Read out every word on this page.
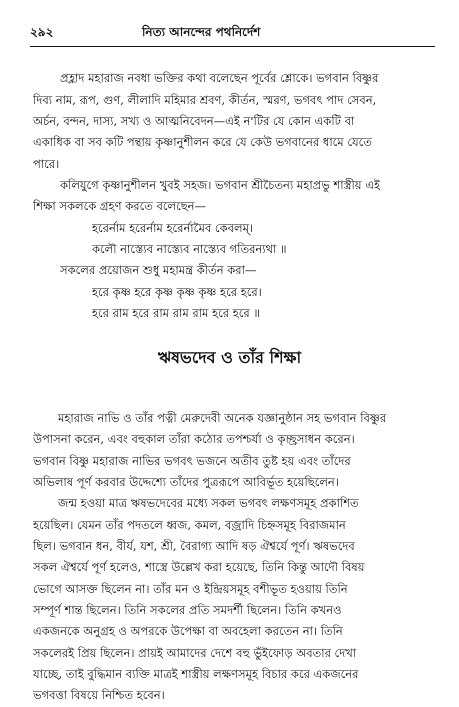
২৯২	নিত্য আনন্দের পথনির্দেশ
প্রহ্লাদ মহারাজ নবধা ভক্তির কথা বলেছেন পূর্বের শ্লোকে। ভগবান বিষ্ণুর
দিব্য নাম, রূপ, গুণ, লীলাদি মহিমার শ্রবণ, কীর্তন, স্মরণ, ভগবৎ পাদ সেবন,
অর্চন, বন্দন, দাস্য, সখ্য ও আত্মনিবেদন—এই ন'টির যে কোন একটি বা
একাধিক বা সব কটি পন্থায় কৃষ্ণানুশীলন করে যে কেউ ভগবানের ধামে যেতে
পারে।
কলিযুগে কৃষ্ণানুশীলন খুবই সহজ। ভগবান শ্রীচৈতন্য মহাপ্রভু শাস্ত্রীয় এই
শিক্ষা সকলকে গ্রহণ করতে বলেছেন—
হরের্নাম হরের্নাম হরের্নামৈব কেবলম্।
কলৌ নাস্ত্যেব নাস্ত্যেব নাস্ত্যেব গতিরন্যথা ॥
সকলের প্রয়োজন শুধু মহামন্ত্র কীর্তন করা—
হরে কৃষ্ণ হরে কৃষ্ণ কৃষ্ণ কৃষ্ণ হরে হরে।
হরে রাম হরে রাম রাম রাম হরে হরে ॥
ঋষভদেব ও তাঁর শিক্ষা
মহারাজ নাভি ও তাঁর পত্নী মেরুদেবী অনেক যজ্ঞানুষ্ঠান সহ ভগবান বিষ্ণুর
উপাসনা করেন, এবং বহুকাল তাঁরা কঠোর তপশ্চর্যা ও কৃচ্ছ্রসাধন করেন।
ভগবান বিষ্ণু মহারাজ নাভির ভগবৎ ভজনে অতীব তুষ্ট হয় এবং তাঁদের
অভিলাষ পূর্ণ করবার উদ্দেশ্যে তাঁদের পুত্ররূপে আবির্ভূত হয়েছিলেন।
জন্ম হওয়া মাত্র ঋষভদেবের মধ্যে সকল ভগবৎ লক্ষণসমূহ প্রকাশিত
হয়েছিল। যেমন তাঁর পদতলে ধ্বজ, কমল, বজ্রাদি চিহ্নসমূহ বিরাজমান
ছিল। ভগবান ধন, বীর্য, যশ, শ্রী, বৈরাগ্য আদি ষড় ঐশ্বর্যে পূর্ণ। ঋষভদেব
সকল ঐশ্বর্যে পূর্ণ হলেও, শাস্ত্রে উল্লেখ করা হয়েছে, তিনি কিন্তু আদৌ বিষয়
ভোগে আসক্ত ছিলেন না। তাঁর মন ও ইন্দ্রিয়সমূহ বশীভূত হওয়ায় তিনি
সম্পূর্ণ শান্ত ছিলেন। তিনি সকলের প্রতি সমদর্শী ছিলেন। তিনি কখনও
একজনকে অনুগ্রহ ও অপরকে উপেক্ষা বা অবহেলা করতেন না। তিনি
সকলেরই প্রিয় ছিলেন। প্রায়ই আমাদের দেশে বহু ভুঁইফোড় অবতার দেখা
যাচ্ছে, তাই বুদ্ধিমান ব্যক্তি মাত্রই শাস্ত্রীয় লক্ষণসমূহ বিচার করে একজনের
ভগবত্তা বিষয়ে নিশ্চিত হবেন।
